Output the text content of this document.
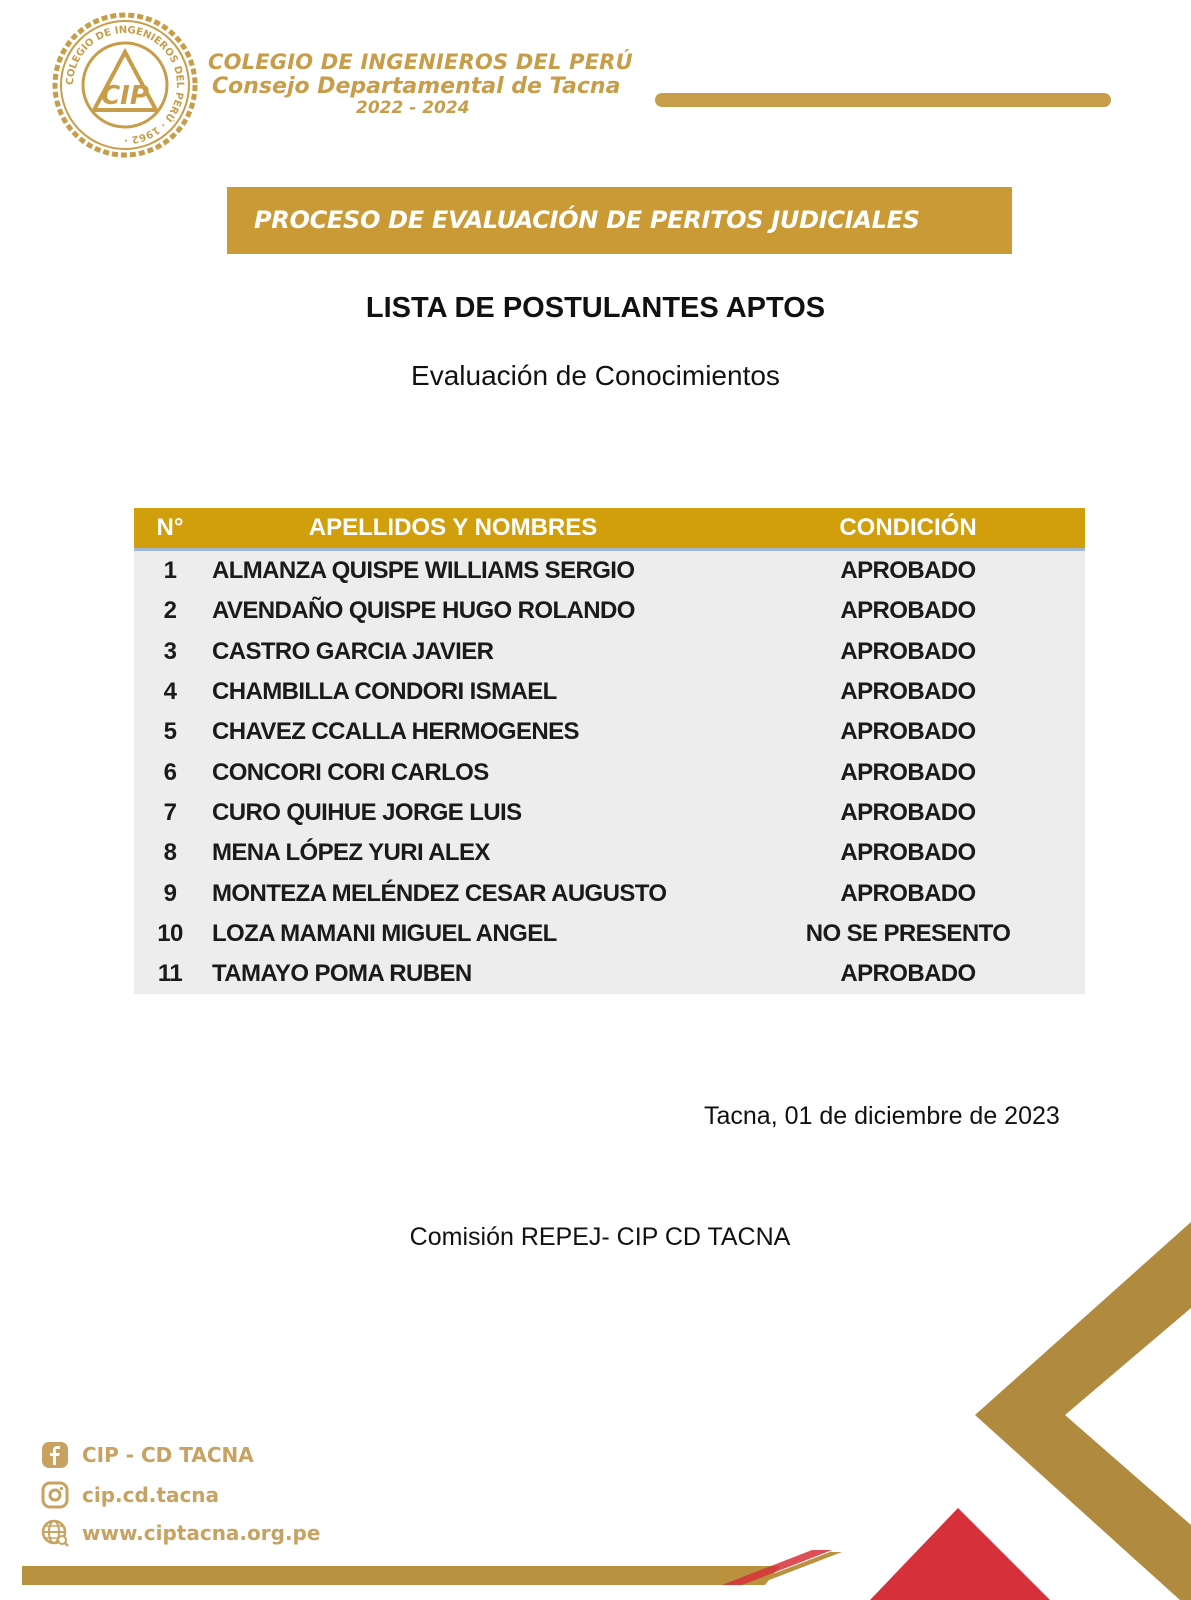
COLEGIO DE INGENIEROS DEL PERÚ · 1962 ·
CIP
COLEGIO DE INGENIEROS DEL PERÚ
Consejo Departamental de Tacna
2022 - 2024
PROCESO DE EVALUACIÓN DE PERITOS JUDICIALES
LISTA DE POSTULANTES APTOS
Evaluación de Conocimientos
N°	APELLIDOS Y NOMBRES	CONDICIÓN
1	ALMANZA QUISPE WILLIAMS SERGIO	APROBADO
2	AVENDAÑO QUISPE HUGO ROLANDO	APROBADO
3	CASTRO GARCIA JAVIER	APROBADO
4	CHAMBILLA CONDORI ISMAEL	APROBADO
5	CHAVEZ CCALLA HERMOGENES	APROBADO
6	CONCORI CORI CARLOS	APROBADO
7	CURO QUIHUE JORGE LUIS	APROBADO
8	MENA LÓPEZ YURI ALEX	APROBADO
9	MONTEZA MELÉNDEZ CESAR AUGUSTO	APROBADO
10	LOZA MAMANI MIGUEL ANGEL	NO SE PRESENTO
11	TAMAYO POMA RUBEN	APROBADO
Tacna, 01 de diciembre de 2023
Comisión REPEJ- CIP CD TACNA
CIP - CD TACNA
cip.cd.tacna
www.ciptacna.org.pe
